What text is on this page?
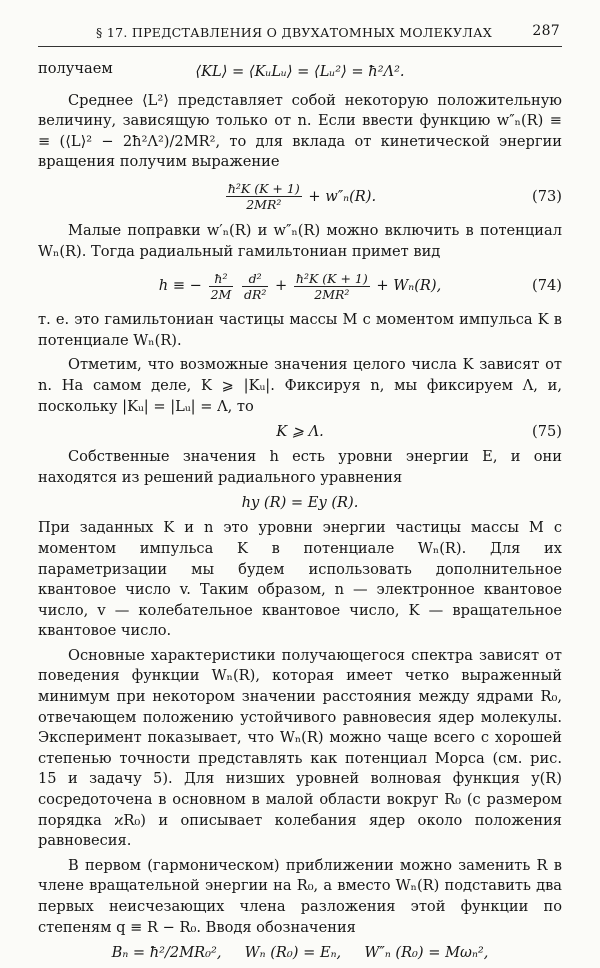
§ 17. ПРЕДСТАВЛЕНИЯ О ДВУХАТОМНЫХ МОЛЕКУЛАХ	287

получаем	⟨KL⟩ = ⟨KᵤLᵤ⟩ = ⟨Lᵤ²⟩ = ħ²Λ².

Среднее ⟨L²⟩ представляет собой некоторую положительную величину, зависящую только от n. Если ввести функцию w″ₙ(R) ≡ ≡ (⟨L⟩² − 2ħ²Λ²)/2MR², то для вклада от кинетической энергии вращения получим выражение

$\frac{\text{ħ²K (K + 1)}}{\text{2MR²}} + w''_n(R)$.	(73)

Малые поправки w′ₙ(R) и w″ₙ(R) можно включить в потенциал Wₙ(R). Тогда радиальный гамильтониан примет вид

h ≡ − $\frac{\text{ħ²}}{2M}$
$\frac{\text{d²}}{\text{dR²}} + \frac{\text{ħ²K (K + 1)}}{\text{2MR²}} + W_n(R)$,	(74)

т. е. это гамильтониан частицы массы M с моментом импульса K в потенциале Wₙ(R).

Отметим, что возможные значения целого числа K зависят от n. На самом деле, K ⩾ |Kᵤ|. Фиксируя n, мы фиксируем Λ, и, поскольку |Kᵤ| = |Lᵤ| = Λ, то

K ⩾ Λ.	(75)

Собственные значения h есть уровни энергии E, и они находятся из решений радиального уравнения

hy (R) = Ey (R).

При заданных K и n это уровни энергии частицы массы M с моментом импульса K в потенциале Wₙ(R). Для их параметризации мы будем использовать дополнительное квантовое число v. Таким образом, n — электронное квантовое число, v — колебательное квантовое число, K — вращательное квантовое число.

Основные характеристики получающегося спектра зависят от поведения функции Wₙ(R), которая имеет четко выраженный минимум при некотором значении расстояния между ядрами R₀, отвечающем положению устойчивого равновесия ядер молекулы. Эксперимент показывает, что Wₙ(R) можно чаще всего с хорошей степенью точности представлять как потенциал Морса (см. рис. 15 и задачу 5). Для низших уровней волновая функция y(R) сосредоточена в основном в малой области вокруг R₀ (с размером порядка ϰR₀) и описывает колебания ядер около положения равновесия.

В первом (гармоническом) приближении можно заменить R в члене вращательной энергии на R₀, а вместо Wₙ(R) подставить два первых неисчезающих члена разложения этой функции по степеням q ≡ R − R₀. Вводя обозначения

Bₙ = ħ²/2MR₀²,     Wₙ (R₀) = Eₙ,     W″ₙ (R₀) = Mωₙ²,
